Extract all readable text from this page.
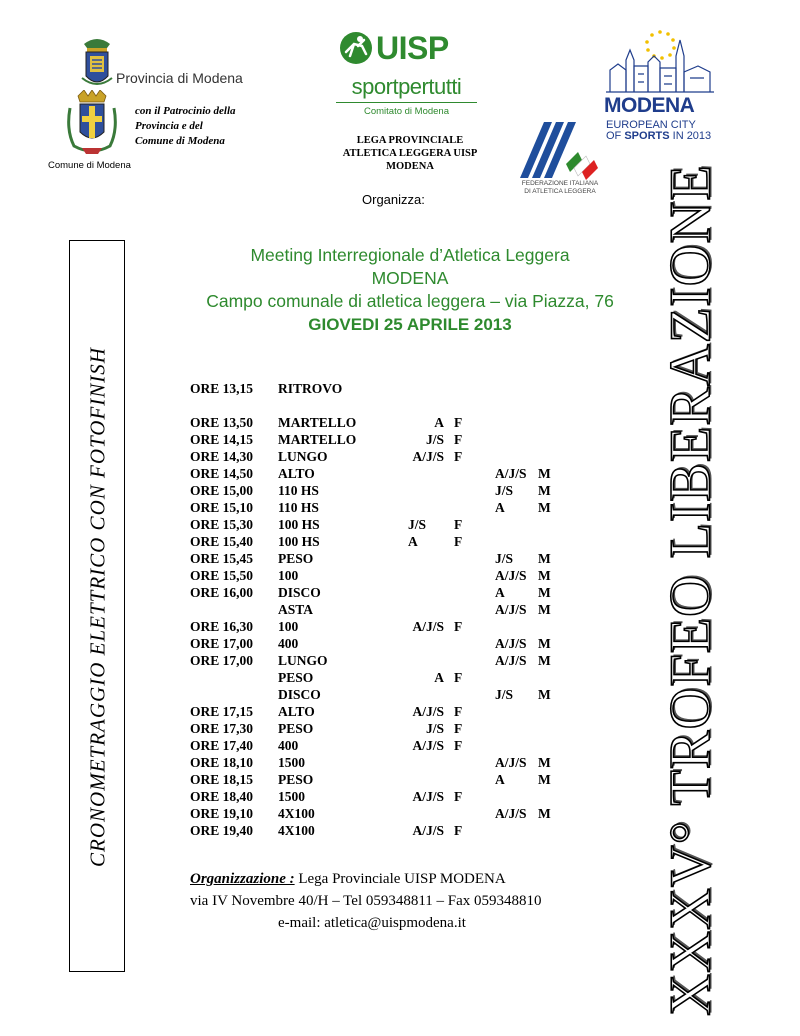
Provincia di Modena
Comune di Modena
con il Patrocinio della
Provincia e del
Comune di Modena
UISP
sportpertutti
Comitato di Modena
LEGA PROVINCIALE
ATLETICA LEGGERA UISP
MODENA
FEDERAZIONE ITALIANA
DI ATLETICA LEGGERA
MODENA
EUROPEAN CITY
OF SPORTS IN 2013
Organizza:
CRONOMETRAGGIO ELETTRICO CON FOTOFINISH	XXXV° TROFEO LIBERAZIONE
Meeting Interregionale d’Atletica Leggera
MODENA
Campo comunale di atletica leggera – via Piazza, 76
GIOVEDI 25 APRILE 2013
ORE 13,15 RITROVO
ORE 13,50 MARTELLO	A F
ORE 14,15 MARTELLO	J/S F
ORE 14,30 LUNGO	A/J/S F
ORE 14,50 ALTO	A/J/S M
ORE 15,00 110 HS	J/S M
ORE 15,10 110 HS	A M
ORE 15,30 100 HS	J/S	F
ORE 15,40 100 HS	A	F
ORE 15,45 PESO	J/S M
ORE 15,50 100	A/J/S M
ORE 16,00 DISCO	A M
ASTA	A/J/S M
ORE 16,30 100	A/J/S F
ORE 17,00 400	A/J/S M
ORE 17,00 LUNGO	A/J/S M
PESO	A F
DISCO	J/S M
ORE 17,15 ALTO	A/J/S F
ORE 17,30 PESO	J/S F
ORE 17,40 400	A/J/S F
ORE 18,10 1500	A/J/S M
ORE 18,15 PESO	A M
ORE 18,40 1500	A/J/S F
ORE 19,10 4X100	A/J/S M
ORE 19,40 4X100	A/J/S F
Organizzazione : Lega Provinciale UISP MODENA
via IV Novembre 40/H – Tel 059348811 – Fax 059348810
e-mail: atletica@uispmodena.it
